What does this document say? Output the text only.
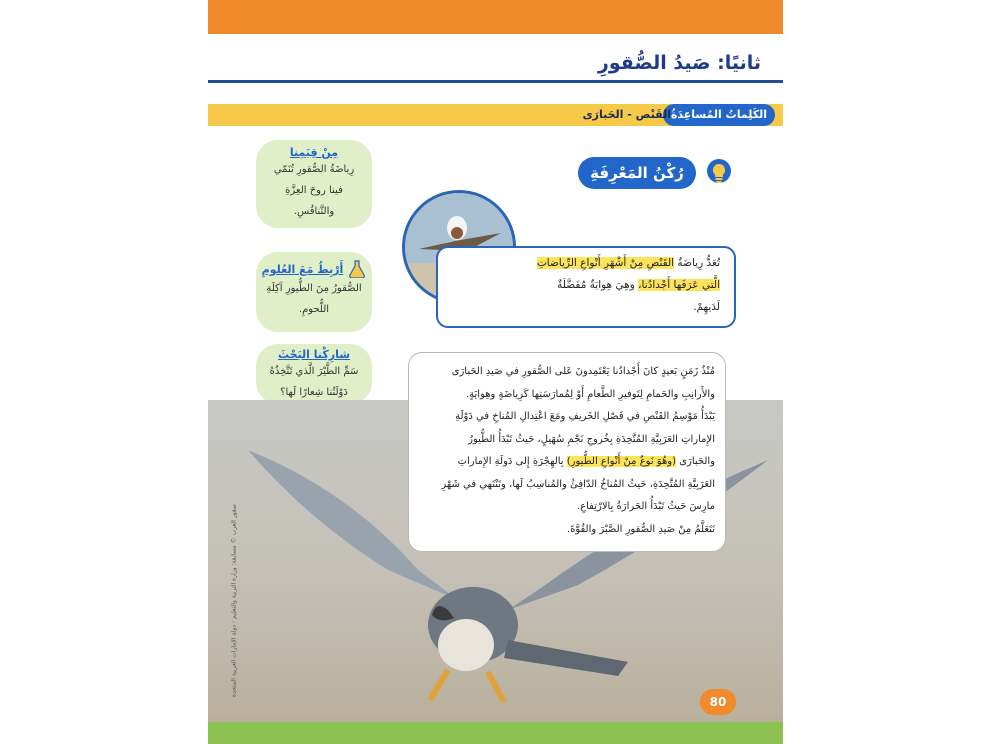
ثانيًا: صَيدُ الصُّقورِ
الكَلِماتُ المُساعِدَةُ
القَنْص - الحَبارَى
رُكْنُ المَعْرِفَةِ
تُعَدُّ رِياضَةُ القَنْصِ مِنْ أَشْهَرِ أَنْواعِ الرِّياضاتِ
الَّتي عَرَفَها أَجْدادُنا، وهِيَ هِوايَةٌ مُفَضَّلَةٌ
لَدَيهِمْ.
مِنْ قِيَمِنا
رِياضَةُ الصُّقورِ تُنَمّي
فينا روحَ العِزَّةِ
والتَّنافُسِ.
أَرْبِطُ مَعَ العُلومِ
الصُّقورُ مِنَ الطُّيورِ آكِلَةِ
اللُّحومِ.
شارِكْنا البَحْثَ
سَمِّ الطَّيْرَ الَّذي تَتَّخِذُهُ
دَوْلَتُنا شِعارًا لَها؟
مُنْذُ زَمَنٍ بَعيدٍ كانَ أَجْدادُنا يَعْتَمِدونَ عَلى الصُّقورِ في صَيدِ الحَبارَى
والأَرانِبِ والحَمامِ لِتَوفيرِ الطَّعامِ أَوْ لِمُمارَسَتِها كَرِياضَةٍ وهِوايَةٍ.
يَبْدَأُ مَوْسِمُ القَنْصِ في فَصْلِ الخَريفِ ومَعَ اعْتِدالِ المُناخِ في دَوْلَةِ
الإِماراتِ العَرَبِيَّةِ المُتَّحِدَةِ بِخُروجِ نَجْمِ سُهَيلٍ، حَيثُ تَبْدَأُ الطُّيورُ
والحَبارَى (وهُوَ نَوعٌ مِنْ أَنْواعِ الطُّيورِ) بِالهِجْرَةِ إِلى دَولَةِ الإِماراتِ
العَرَبِيَّةِ المُتَّحِدَةِ، حَيثُ المُناخُ الدّافِئُ والمُناسِبُ لَها، وتَنْتَهي في شَهْرِ
مارِسَ حَيثُ تَبْدَأُ الحَرارَةُ بِالارْتِفاعِ.
نَتَعَلَّمُ مِنْ صَيدِ الصُّقورِ الصَّبْرَ والقُوَّةَ.
صقور العرب © مسابقة: وزارة التربية والتعليم - دولة الإمارات العربية المتحدة
80
